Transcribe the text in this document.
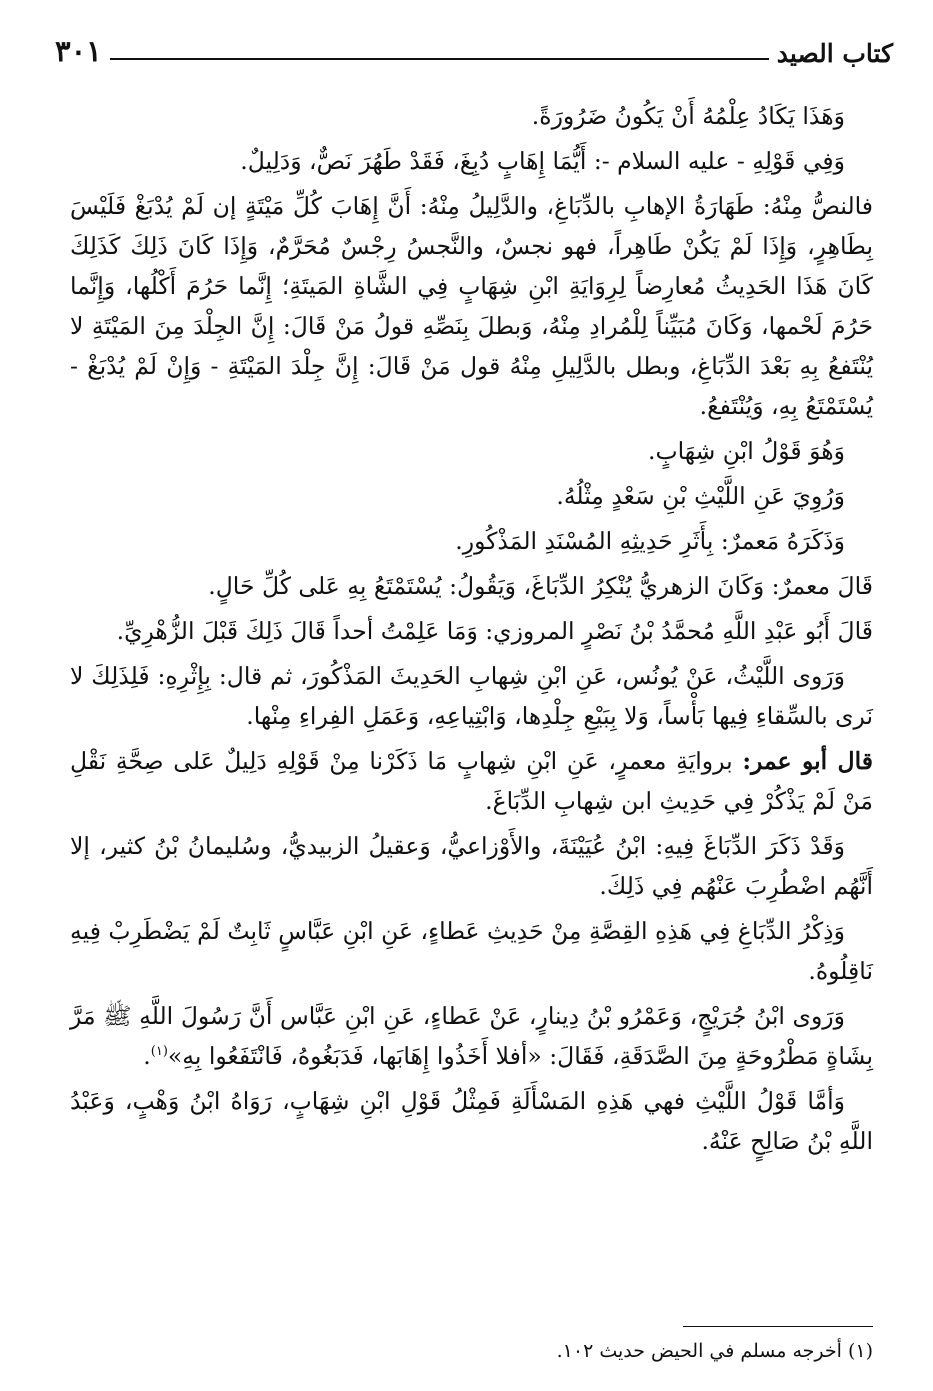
كتاب الصيد
٣٠١

وَهَذَا يَكَادُ عِلْمُهُ أَنْ يَكُونُ ضَرُورَةً.

وَفِي قَوْلِهِ - عليه السلام -: أَيُّمَا إِهَابٍ دُبِغَ، فَقَدْ طَهُرَ نَصٌّ، وَدَلِيلٌ.

فالنصُّ مِنْهُ: طَهَارَةُ الإهابِ بالدِّبَاغِ، والدَّلِيلُ مِنْهُ: أَنَّ إِهَابَ كُلِّ مَيْتَةٍ إن لَمْ يُدْبَغْ فَلَيْسَ بِطَاهِرٍ، وَإِذَا لَمْ يَكُنْ طَاهِراً، فهو نجسٌ، والنَّجسُ رِجْسٌ مُحَرَّمٌ، وَإِذَا كَانَ ذَلِكَ كَذَلِكَ كَانَ هَذَا الحَدِيثُ مُعارِضاً لِرِوَايَةِ ابْنِ شِهَابٍ فِي الشَّاةِ المَيتَةِ؛ إِنَّما حَرُمَ أَكْلُها، وَإِنَّما حَرُمَ لَحْمها، وَكَانَ مُبَيِّناً لِلْمُرادِ مِنْهُ، وَبطلَ بِنَصِّهِ قولُ مَنْ قَالَ: إِنَّ الجِلْدَ مِنَ المَيْتَةِ لا يُنْتَفعُ بِهِ بَعْدَ الدِّبَاغِ، وبطل بالدَّلِيلِ مِنْهُ قول مَنْ قَالَ: إِنَّ جِلْدَ المَيْتَةِ - وَإِنْ لَمْ يُدْبَغْ - يُسْتَمْتَعُ بِهِ، وَيُنْتَفعُ.

وَهُوَ قَوْلُ ابْنِ شِهَابٍ.

وَرُوِيَ عَنِ اللَّيْثِ بْنِ سَعْدٍ مِثْلُهُ.

وَذَكَرَهُ مَعمرٌ: بِأَثَرِ حَدِيثِهِ المُسْنَدِ المَذْكُورِ.

قَالَ معمرٌ: وَكَانَ الزهريُّ يُنْكِرُ الدِّبَاغَ، وَيَقُولُ: يُسْتَمْتَعُ بِهِ عَلى كُلِّ حَالٍ.

قَالَ أَبُو عَبْدِ اللَّهِ مُحمَّدُ بْنُ نَصْرٍ المروزي: وَمَا عَلِمْتُ أحداً قَالَ ذَلِكَ قَبْلَ الزُّهْرِيِّ.

وَرَوى اللَّيْثُ، عَنْ يُونُس، عَنِ ابْنِ شِهابِ الحَدِيثَ المَذْكُورَ، ثم قال: بِإِثْرِهِ: فَلِذَلِكَ لا نَرى بالسِّقاءِ فِيها بَأْساً، وَلا بِبَيْعِ جِلْدِها، وَابْتِياعِهِ، وَعَمَلِ الفِراءِ مِنْها.

قال أبو عمر: بروايَةِ معمرٍ، عَنِ ابْنِ شِهابٍ مَا ذَكَرْنا مِنْ قَوْلِهِ دَلِيلٌ عَلى صِحَّةِ نَقْلِ مَنْ لَمْ يَذْكُرْ فِي حَدِيثِ ابن شِهابِ الدِّبَاغَ.

وَقَدْ ذَكَرَ الدِّبَاغَ فِيهِ: ابْنُ عُيَيْنَةَ، والأَوْزاعيُّ، وَعقيلُ الزبيديُّ، وسُليمانُ بْنُ كثير، إلا أَنَّهُم اضْطُرِبَ عَنْهُم فِي ذَلِكَ.

وَذِكْرُ الدِّبَاغِ فِي هَذِهِ القِصَّةِ مِنْ حَدِيثِ عَطاءٍ، عَنِ ابْنِ عَبَّاسٍ ثَابِتٌ لَمْ يَضْطَرِبْ فِيهِ نَاقِلُوهُ.

وَرَوى ابْنُ جُرَيْجٍ، وَعَمْرُو بْنُ دِينارٍ، عَنْ عَطاءٍ، عَنِ ابْنِ عَبَّاس أَنَّ رَسُولَ اللَّهِ ﷺ مَرَّ بِشَاةٍ مَطْرُوحَةٍ مِنَ الصَّدَقَةِ، فَقَالَ: «أفلا أَخَذُوا إِهَابَها، فَدَبَغُوهُ، فَانْتَفَعُوا بِهِ»$^{(١)}$.

وَأمَّا قَوْلُ اللَّيْثِ فهي هَذِهِ المَسْأَلَةِ فَمِثْلُ قَوْلِ ابْنِ شِهَابٍ، رَوَاهُ ابْنُ وَهْبٍ، وَعَبْدُ اللَّهِ بْنُ صَالِحٍ عَنْهُ.

(١) أخرجه مسلم في الحيض حديث ١٠٢.
